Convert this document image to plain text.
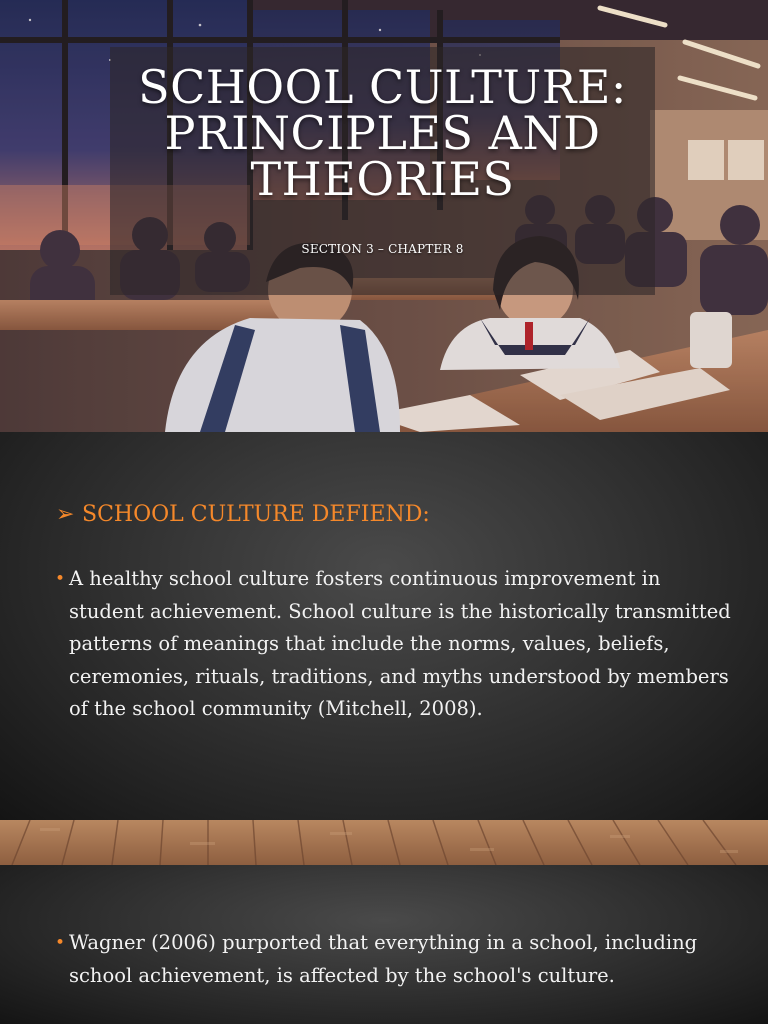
SCHOOL CULTURE:
PRINCIPLES AND
THEORIES
SECTION 3 – CHAPTER 8
➢ SCHOOL CULTURE DEFIEND:
• A healthy school culture fosters continuous improvement in student achievement. School culture is the historically transmitted patterns of meanings that include the norms, values, beliefs, ceremonies, rituals, traditions, and myths understood by members of the school community (Mitchell, 2008).
• Wagner (2006) purported that everything in a school, including school achievement, is affected by the school's culture.
